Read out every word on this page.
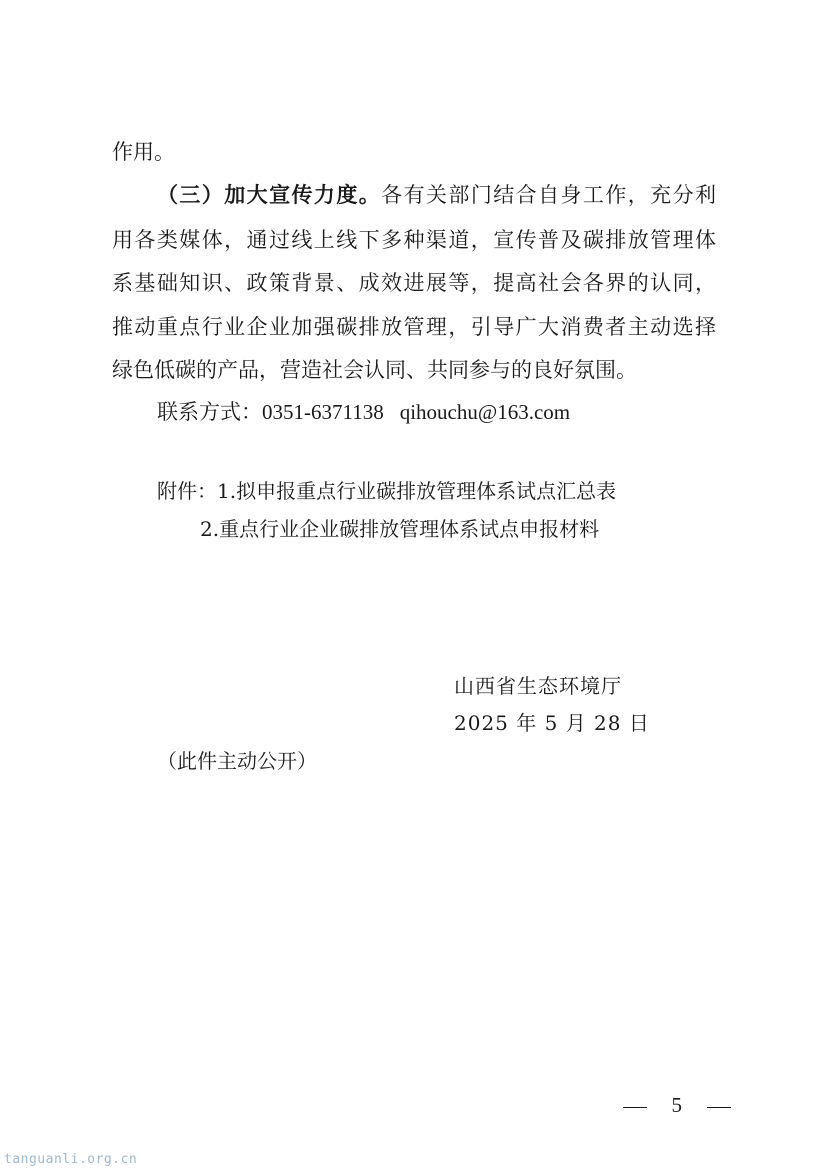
作用。
（三）加大宣传力度。各有关部门结合自身工作，充分利
用各类媒体，通过线上线下多种渠道，宣传普及碳排放管理体
系基础知识、政策背景、成效进展等，提高社会各界的认同，
推动重点行业企业加强碳排放管理，引导广大消费者主动选择
绿色低碳的产品，营造社会认同、共同参与的良好氛围。
联系方式：0351-6371138 qihouchu@163.com
附件：1.拟申报重点行业碳排放管理体系试点汇总表
2.重点行业企业碳排放管理体系试点申报材料
山西省生态环境厅
2025 年 5 月 28 日
（此件主动公开）
5
tanguanli.org.cn
